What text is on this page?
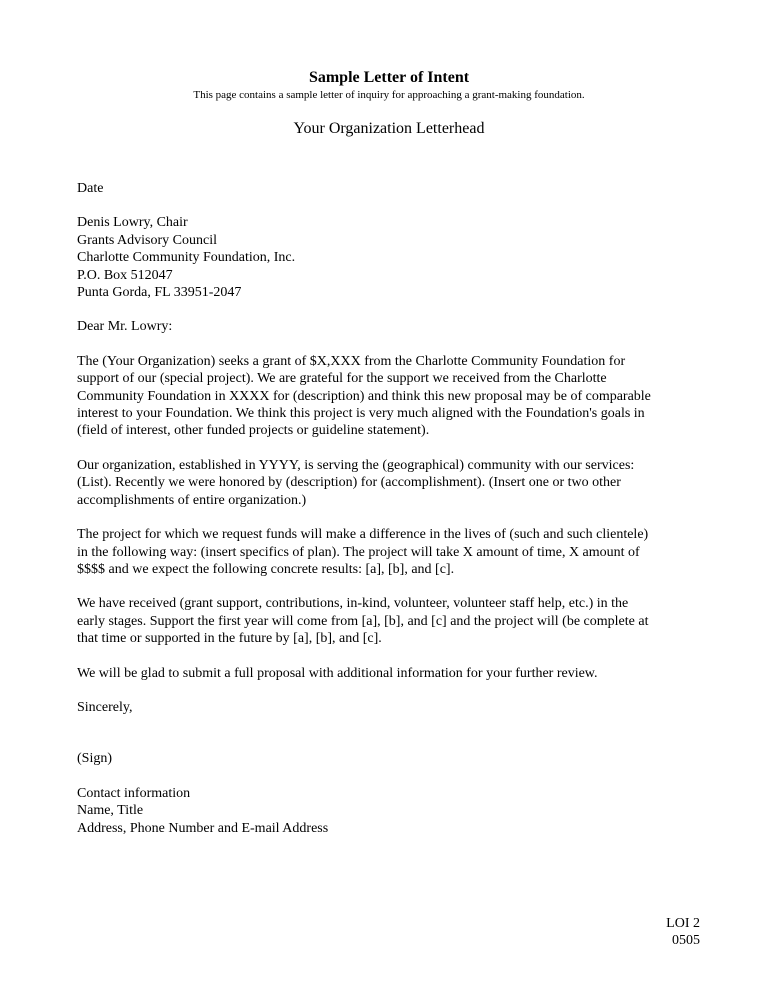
Sample Letter of Intent
This page contains a sample letter of inquiry for approaching a grant-making foundation.
Your Organization Letterhead

Date

Denis Lowry, Chair
Grants Advisory Council
Charlotte Community Foundation, Inc.
P.O. Box 512047
Punta Gorda, FL 33951-2047

Dear Mr. Lowry:

The (Your Organization) seeks a grant of $X,XXX from the Charlotte Community Foundation for
support of our (special project). We are grateful for the support we received from the Charlotte
Community Foundation in XXXX for (description) and think this new proposal may be of comparable
interest to your Foundation. We think this project is very much aligned with the Foundation's goals in
(field of interest, other funded projects or guideline statement).

Our organization, established in YYYY, is serving the (geographical) community with our services:
(List). Recently we were honored by (description) for (accomplishment). (Insert one or two other
accomplishments of entire organization.)

The project for which we request funds will make a difference in the lives of (such and such clientele)
in the following way: (insert specifics of plan). The project will take X amount of time, X amount of
$$$$ and we expect the following concrete results: [a], [b], and [c].

We have received (grant support, contributions, in-kind, volunteer, volunteer staff help, etc.) in the
early stages. Support the first year will come from [a], [b], and [c] and the project will (be complete at
that time or supported in the future by [a], [b], and [c].

We will be glad to submit a full proposal with additional information for your further review.

Sincerely,

(Sign)

Contact information
Name, Title
Address, Phone Number and E-mail Address

LOI 2
0505
